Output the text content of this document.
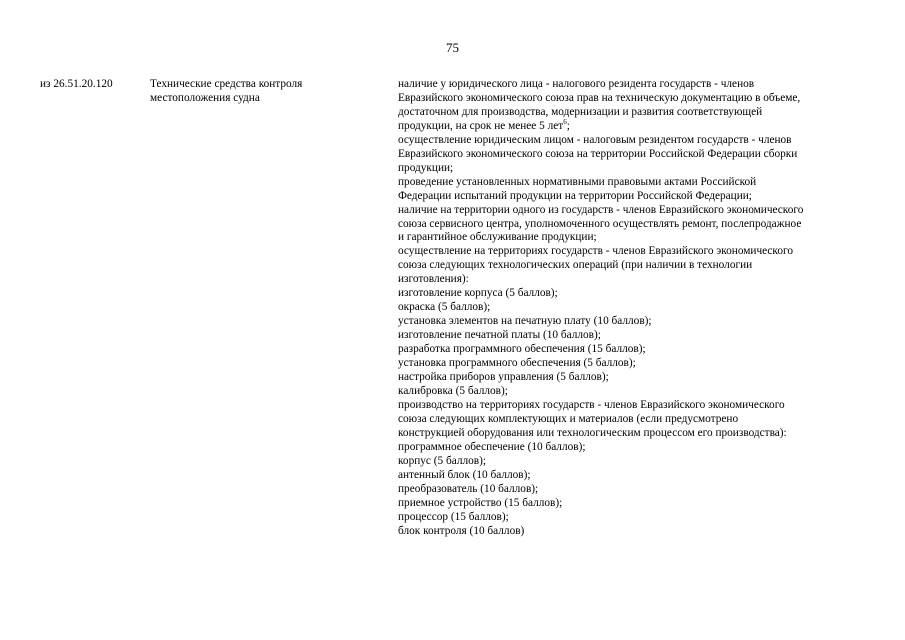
75
из 26.51.20.120	Технические средства контроля
местоположения судна
наличие у юридического лица - налогового резидента государств - членов
Евразийского экономического союза прав на техническую документацию в объеме,
достаточном для производства, модернизации и развития соответствующей
продукции, на срок не менее 5 лет$^6$;
осуществление юридическим лицом - налоговым резидентом государств - членов
Евразийского экономического союза на территории Российской Федерации сборки
продукции;
проведение установленных нормативными правовыми актами Российской
Федерации испытаний продукции на территории Российской Федерации;
наличие на территории одного из государств - членов Евразийского экономического
союза сервисного центра, уполномоченного осуществлять ремонт, послепродажное
и гарантийное обслуживание продукции;
осуществление на территориях государств - членов Евразийского экономического
союза следующих технологических операций (при наличии в технологии
изготовления):
изготовление корпуса (5 баллов);
окраска (5 баллов);
установка элементов на печатную плату (10 баллов);
изготовление печатной платы (10 баллов);
разработка программного обеспечения (15 баллов);
установка программного обеспечения (5 баллов);
настройка приборов управления (5 баллов);
калибровка (5 баллов);
производство на территориях государств - членов Евразийского экономического
союза следующих комплектующих и материалов (если предусмотрено
конструкцией оборудования или технологическим процессом его производства):
программное обеспечение (10 баллов);
корпус (5 баллов);
антенный блок (10 баллов);
преобразователь (10 баллов);
приемное устройство (15 баллов);
процессор (15 баллов);
блок контроля (10 баллов)
